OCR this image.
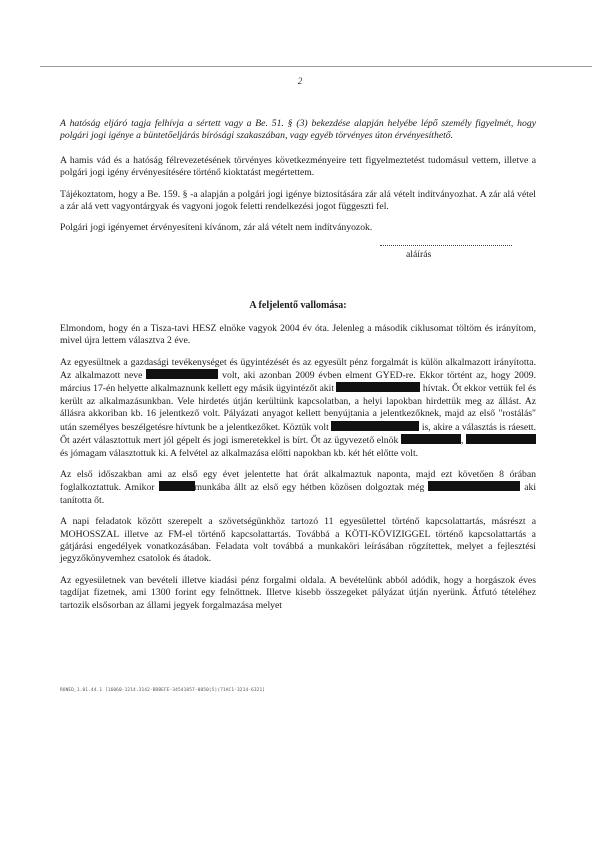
2

A hatóság eljáró tagja felhívja a sértett vagy a Be. 51. § (3) bekezdése alapján helyébe lépő személy figyelmét, hogy polgári jogi igénye a büntetőeljárás bírósági szakaszában, vagy egyéb törvényes úton érvényesíthető.

A hamis vád és a hatóság félrevezetésének törvényes következményeire tett figyelmeztetést tudomásul vettem, illetve a polgári jogi igény érvényesítésére történő kioktatást megértettem.

Tájékoztatom, hogy a Be. 159. § -a alapján a polgári jogi igénye biztosítására zár alá vételt indítványozhat. A zár alá vétel a zár alá vett vagyontárgyak és vagyoni jogok feletti rendelkezési jogot függeszti fel.

Polgári jogi igényemet érvényesíteni kívánom, zár alá vételt nem indítványozok.

aláírás
A feljelentő vallomása:

Elmondom, hogy én a Tisza-tavi HESZ elnöke vagyok 2004 év óta. Jelenleg a második ciklusomat töltöm és irányítom, mivel újra lettem választva 2 éve.

Az egyesültnek a gazdasági tevékenységet és ügyintézését és az egyesült pénz forgalmát is külön alkalmazott irányította. Az alkalmazott neve	volt, aki azonban 2009 évben elment GYED-re. Ekkor történt az, hogy 2009. március 17-én helyette alkalmaznunk kellett egy másik ügyintézőt akit	hívtak. Őt ekkor vettük fel és került az alkalmazásunkban. Vele hirdetés útján kerültünk kapcsolatban, a helyi lapokban hirdettük meg az állást. Az állásra akkoriban kb. 16 jelentkező volt. Pályázati anyagot kellett benyújtania a jelentkezőknek, majd az első "rostálás" után személyes beszélgetésre hívtunk be a jelentkezőket. Köztük volt	is, akire a választás is ráesett. Őt azért választottuk mert jól gépelt és jogi ismeretekkel is bírt. Őt az ügyvezető elnök	,  és jómagam választottuk ki. A felvétel az alkalmazása előtti napokban kb. két hét előtte volt.

Az első időszakban ami az első egy évet jelentette hat órát alkalmaztuk naponta, majd ezt követően 8 órában foglalkoztattuk. Amikor	munkába állt az első egy hétben közösen dolgoztak még	aki tanította őt.

A napi feladatok között szerepelt a szövetségünkhöz tartozó 11 egyesülettel történő kapcsolattartás, másrészt a MOHOSSZAL illetve az FM-el történő kapcsolattartás. Továbbá a KÖTI-KÖVIZIGGEL történő kapcsolattartás a gátjárási engedélyek vonatkozásában. Feladata volt továbbá a munkaköri leírásában rögzítettek, melyet a fejlesztési jegyzőkönyvemhez csatolok és átadok.

Az egyesületnek van bevételi illetve kiadási pénz forgalmi oldala. A bevételünk abból adódik, hogy a horgászok éves tagdíjat fizetnek, ami 1300 forint egy felnőttnek. Illetve kisebb összegeket pályázat útján nyerünk. Átfutó tételéhez tartozik elsősorban az állami jegyek forgalmazása melyet

RONED_1.01.44.1 [16060-1214.3142-BDBEFE-34541857-0050(5)(71AC1-3214-6321]
